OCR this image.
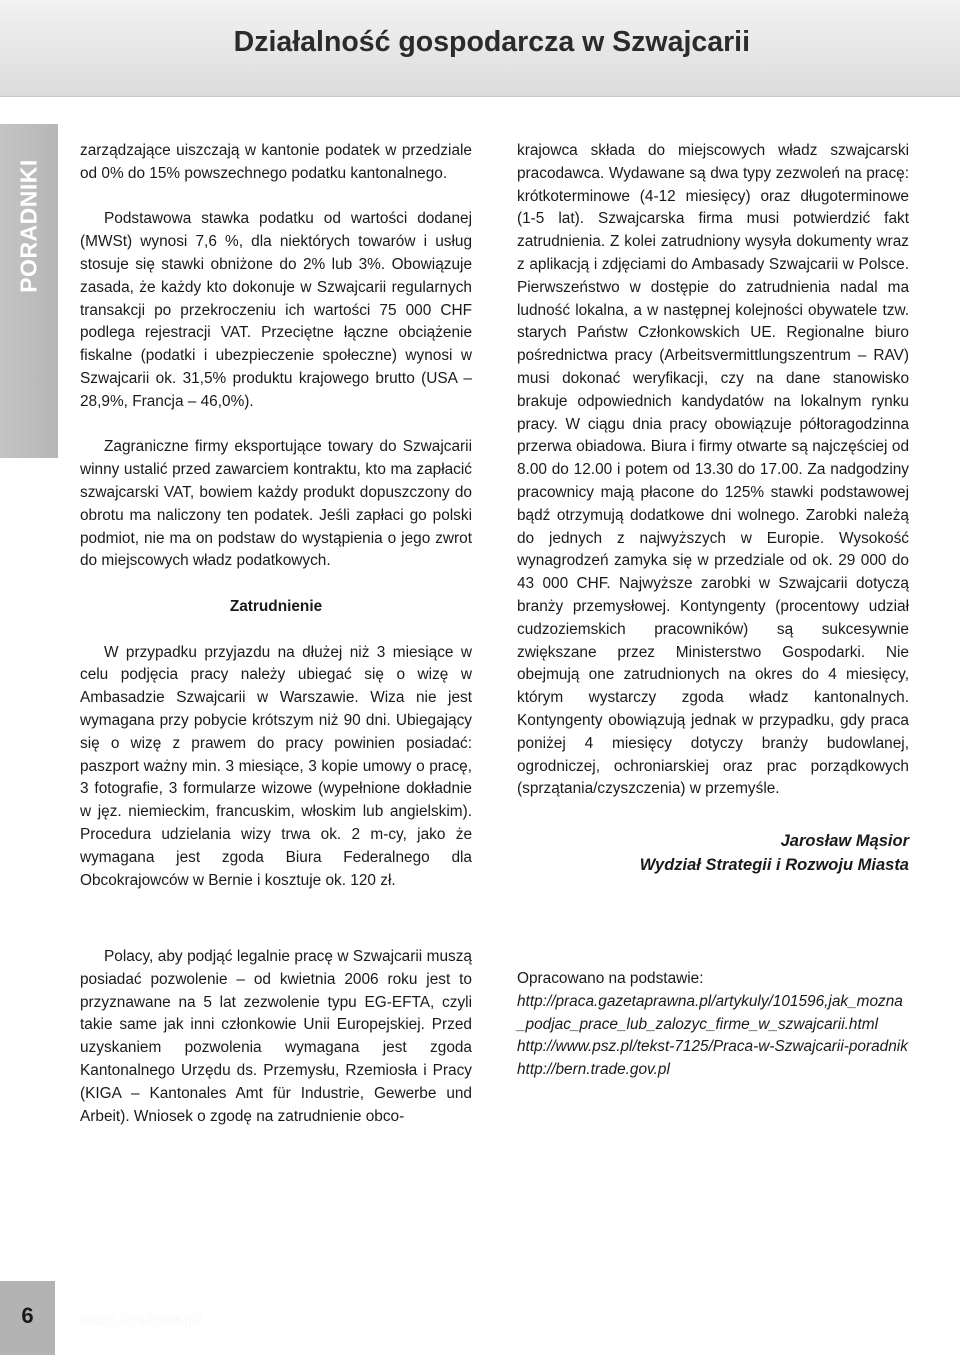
Działalność gospodarcza w Szwajcarii
PORADNIKI

zarządzające uiszczają w kantonie podatek w przedziale od 0% do 15% powszechnego podatku kantonalnego.

Podstawowa stawka podatku od wartości dodanej (MWSt) wynosi 7,6 %, dla niektórych towarów i usług stosuje się stawki obniżone do 2% lub 3%. Obowiązuje zasada, że każdy kto dokonuje w Szwajcarii regularnych transakcji po przekroczeniu ich wartości 75 000 CHF podlega rejestracji VAT. Przeciętne łączne obciążenie fiskalne (podatki i ubezpieczenie społeczne) wynosi w Szwajcarii ok. 31,5% produktu krajowego brutto (USA – 28,9%, Francja – 46,0%).

Zagraniczne firmy eksportujące towary do Szwajcarii winny ustalić przed zawarciem kontraktu, kto ma zapłacić szwajcarski VAT, bowiem każdy produkt dopuszczony do obrotu ma naliczony ten podatek. Jeśli zapłaci go polski podmiot, nie ma on podstaw do wystąpienia o jego zwrot do miejscowych władz podatkowych.

Zatrudnienie

W przypadku przyjazdu na dłużej niż 3 miesiące w celu podjęcia pracy należy ubiegać się o wizę w Ambasadzie Szwajcarii w Warszawie. Wiza nie jest wymagana przy pobycie krótszym niż 90 dni. Ubiegający się o wizę z prawem do pracy powinien posiadać: paszport ważny min. 3 miesiące, 3 kopie umowy o pracę, 3 fotografie, 3 formularze wizowe (wypełnione dokładnie w jęz. niemieckim, francuskim, włoskim lub angielskim). Procedura udzielania wizy trwa ok. 2 m-cy, jako że wymagana jest zgoda Biura Federalnego dla Obcokrajowców w Bernie i kosztuje ok. 120 zł.

krajowca składa do miejscowych władz szwajcarski pracodawca. Wydawane są dwa typy zezwoleń na pracę: krótkoterminowe (4-12 miesięcy) oraz długoterminowe (1-5 lat). Szwajcarska firma musi potwierdzić fakt zatrudnienia. Z kolei zatrudniony wysyła dokumenty wraz z aplikacją i zdjęciami do Ambasady Szwajcarii w Polsce. Pierwszeństwo w dostępie do zatrudnienia nadal ma ludność lokalna, a w następnej kolejności obywatele tzw. starych Państw Członkowskich UE. Regionalne biuro pośrednictwa pracy (Arbeitsvermittlungszentrum – RAV) musi dokonać weryfikacji, czy na dane stanowisko brakuje odpowiednich kandydatów na lokalnym rynku pracy. W ciągu dnia pracy obowiązuje półtoragodzinna przerwa obiadowa. Biura i firmy otwarte są najczęściej od 8.00 do 12.00 i potem od 13.30 do 17.00. Za nadgodziny pracownicy mają płacone do 125% stawki podstawowej bądź otrzymują dodatkowe dni wolnego. Zarobki należą do jednych z najwyższych w Europie. Wysokość wynagrodzeń zamyka się w przedziale od ok. 29 000 do 43 000 CHF. Najwyższe zarobki w Szwajcarii dotyczą branży przemysłowej. Kontyngenty (procentowy udział cudzoziemskich pracowników) są sukcesywnie zwiększane przez Ministerstwo Gospodarki. Nie obejmują one zatrudnionych na okres do 4 miesięcy, którym wystarczy zgoda władz kantonalnych. Kontyngenty obowiązują jednak w przypadku, gdy praca poniżej 4 miesięcy dotyczy branży budowlanej, ogrodniczej, ochroniarskiej oraz prac porządkowych (sprzątania/czyszczenia) w przemyśle.

Jarosław Mąsior
Wydział Strategii i Rozwoju Miasta

Polacy, aby podjąć legalnie pracę w Szwajcarii muszą posiadać pozwolenie – od kwietnia 2006 roku jest to przyznawane na 5 lat zezwolenie typu EG-EFTA, czyli takie same jak inni członkowie Unii Europejskiej. Przed uzyskaniem pozwolenia wymagana jest zgoda Kantonalnego Urzędu ds. Przemysłu, Rzemiosła i Pracy (KIGA – Kantonales Amt für Industrie, Gewerbe und Arbeit). Wniosek o zgodę na zatrudnienie obco-

Opracowano na podstawie:

http://praca.gazetaprawna.pl/artykuly/101596,jak_mozna_podjac_prace_lub_zalozyc_firme_w_szwajcarii.html

http://www.psz.pl/tekst-7125/Praca-w-Szwajcarii-poradnik

http://bern.trade.gov.pl

6	msp.krakow.pl
